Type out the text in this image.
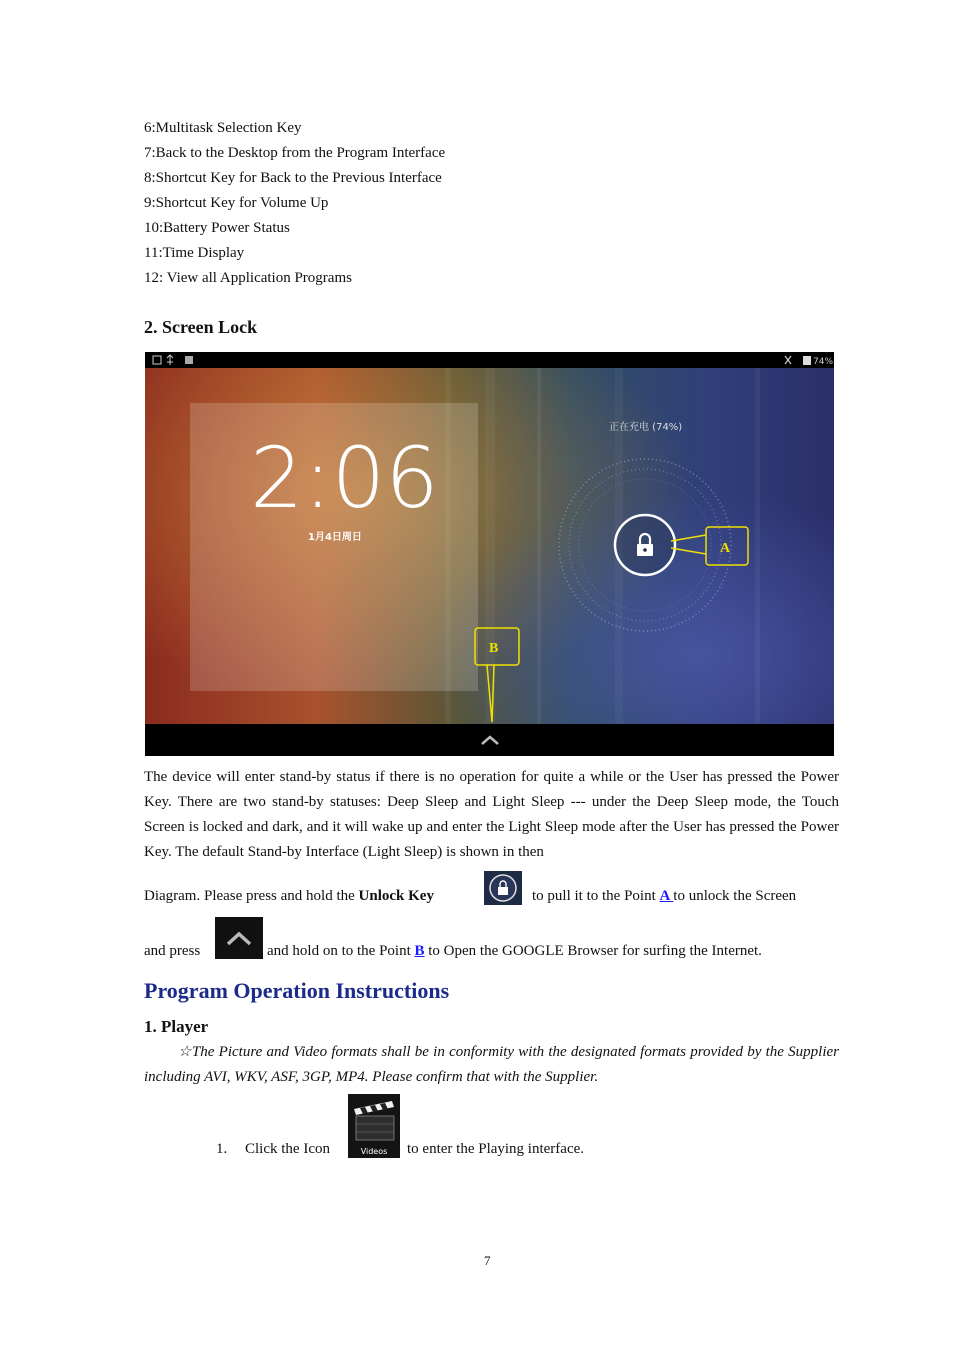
6:Multitask Selection Key
7:Back to the Desktop from the Program Interface
8:Shortcut Key for Back to the Previous Interface
9:Shortcut Key for Volume Up
10:Battery Power Status
11:Time Display
12: View all Application Programs
2. Screen Lock
74%
2:06
1月4日周日
正在充电 (74%)
A
B
The device will enter stand-by status if there is no operation for quite a while or the User has pressed the Power Key. There are two stand-by statuses: Deep Sleep and Light Sleep --- under the Deep Sleep mode, the Touch Screen is locked and dark, and it will wake up and enter the Light Sleep mode after the User has pressed the Power Key. The default Stand-by Interface (Light Sleep) is shown in then
Diagram. Please press and hold the Unlock Key	to pull it to the Point A to unlock the Screen
and press	and hold on to the Point B to Open the GOOGLE Browser for surfing the Internet.
Program Operation Instructions
1. Player
☆The Picture and Video formats shall be in conformity with the designated formats provided by the Supplier including AVI, WKV, ASF, 3GP, MP4. Please confirm that with the Supplier.
1.	Click the Icon	Videos to enter the Playing interface.
7
